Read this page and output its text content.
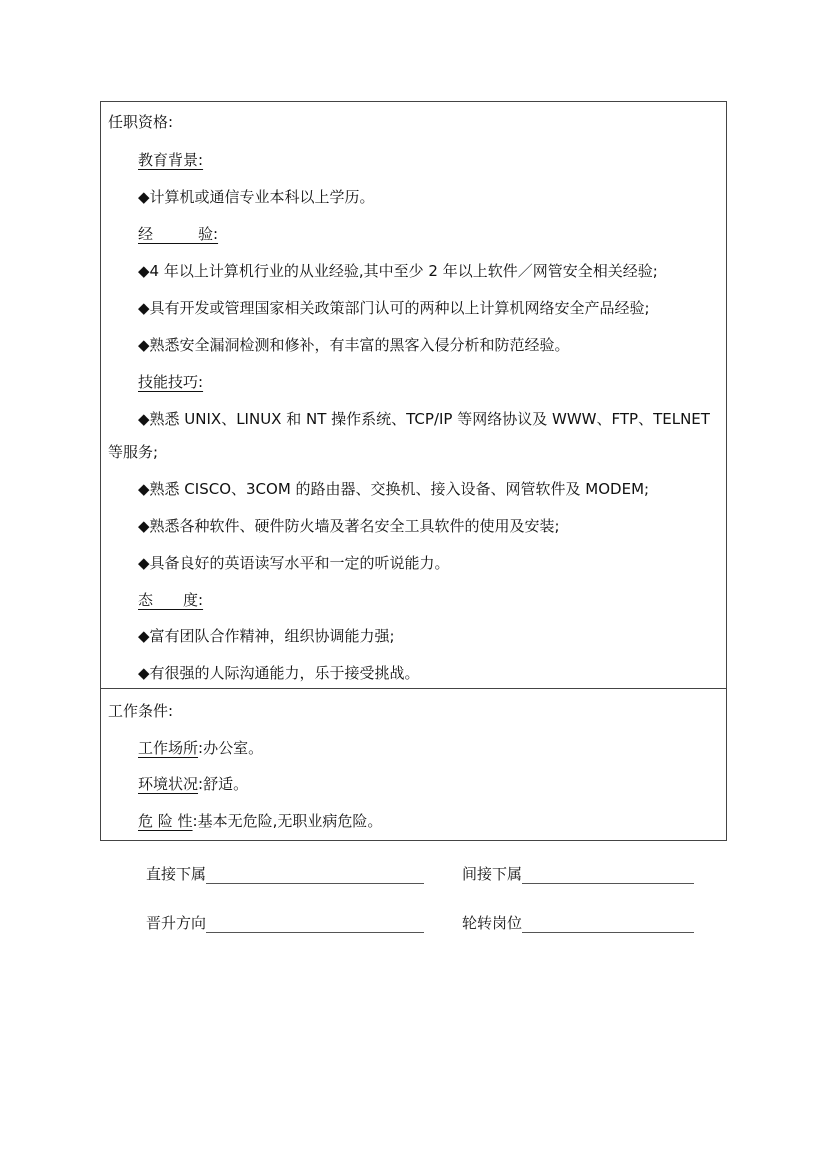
任职资格:
教育背景:
◆计算机或通信专业本科以上学历。
经　　　验:
◆4 年以上计算机行业的从业经验,其中至少 2 年以上软件／网管安全相关经验;
◆具有开发或管理国家相关政策部门认可的两种以上计算机网络安全产品经验;
◆熟悉安全漏洞检测和修补，有丰富的黑客入侵分析和防范经验。
技能技巧:
◆熟悉 UNIX、LINUX 和 NT 操作系统、TCP/IP 等网络协议及 WWW、FTP、TELNET
等服务;
◆熟悉 CISCO、3COM 的路由器、交换机、接入设备、网管软件及 MODEM;
◆熟悉各种软件、硬件防火墙及著名安全工具软件的使用及安装;
◆具备良好的英语读写水平和一定的听说能力。
态　　度:
◆富有团队合作精神，组织协调能力强;
◆有很强的人际沟通能力，乐于接受挑战。
工作条件:
工作场所:办公室。
环境状况:舒适。
危 险 性:基本无危险,无职业病危险。
直接下属	间接下属
晋升方向	轮转岗位
